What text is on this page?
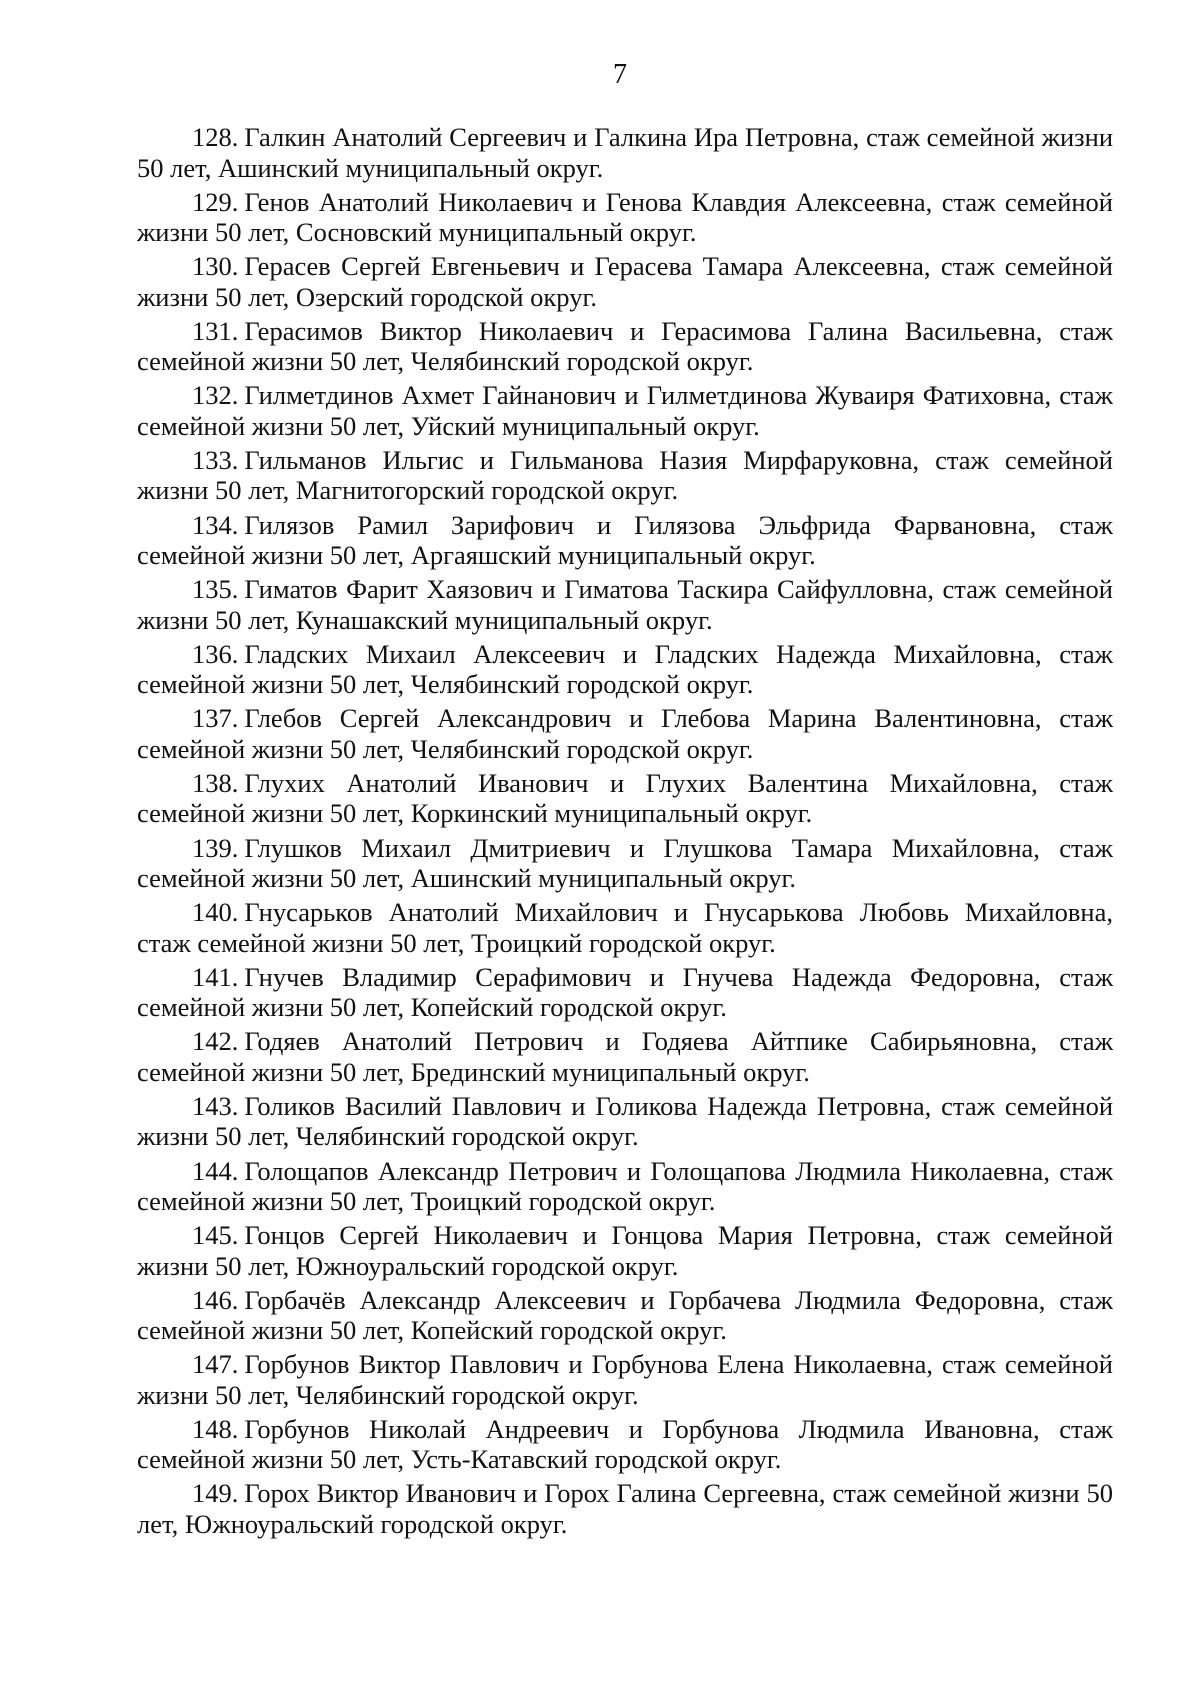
7
128. Галкин Анатолий Сергеевич и Галкина Ира Петровна, стаж семейной жизни 50 лет, Ашинский муниципальный округ.
129. Генов Анатолий Николаевич и Генова Клавдия Алексеевна, стаж семейной жизни 50 лет, Сосновский муниципальный округ.
130. Герасев Сергей Евгеньевич и Герасева Тамара Алексеевна, стаж семейной жизни 50 лет, Озерский городской округ.
131. Герасимов Виктор Николаевич и Герасимова Галина Васильевна, стаж семейной жизни 50 лет, Челябинский городской округ.
132. Гилметдинов Ахмет Гайнанович и Гилметдинова Жуваиря Фатиховна, стаж семейной жизни 50 лет, Уйский муниципальный округ.
133. Гильманов Ильгис и Гильманова Назия Мирфаруковна, стаж семейной жизни 50 лет, Магнитогорский городской округ.
134. Гилязов Рамил Зарифович и Гилязова Эльфрида Фарвановна, стаж семейной жизни 50 лет, Аргаяшский муниципальный округ.
135. Гиматов Фарит Хаязович и Гиматова Таскира Сайфулловна, стаж семейной жизни 50 лет, Кунашакский муниципальный округ.
136. Гладских Михаил Алексеевич и Гладских Надежда Михайловна, стаж семейной жизни 50 лет, Челябинский городской округ.
137. Глебов Сергей Александрович и Глебова Марина Валентиновна, стаж семейной жизни 50 лет, Челябинский городской округ.
138. Глухих Анатолий Иванович и Глухих Валентина Михайловна, стаж семейной жизни 50 лет, Коркинский муниципальный округ.
139. Глушков Михаил Дмитриевич и Глушкова Тамара Михайловна, стаж семейной жизни 50 лет, Ашинский муниципальный округ.
140. Гнусарьков Анатолий Михайлович и Гнусарькова Любовь Михайловна, стаж семейной жизни 50 лет, Троицкий городской округ.
141. Гнучев Владимир Серафимович и Гнучева Надежда Федоровна, стаж семейной жизни 50 лет, Копейский городской округ.
142. Годяев Анатолий Петрович и Годяева Айтпике Сабирьяновна, стаж семейной жизни 50 лет, Брединский муниципальный округ.
143. Голиков Василий Павлович и Голикова Надежда Петровна, стаж семейной жизни 50 лет, Челябинский городской округ.
144. Голощапов Александр Петрович и Голощапова Людмила Николаевна, стаж семейной жизни 50 лет, Троицкий городской округ.
145. Гонцов Сергей Николаевич и Гонцова Мария Петровна, стаж семейной жизни 50 лет, Южноуральский городской округ.
146. Горбачёв Александр Алексеевич и Горбачева Людмила Федоровна, стаж семейной жизни 50 лет, Копейский городской округ.
147. Горбунов Виктор Павлович и Горбунова Елена Николаевна, стаж семейной жизни 50 лет, Челябинский городской округ.
148. Горбунов Николай Андреевич и Горбунова Людмила Ивановна, стаж семейной жизни 50 лет, Усть-Катавский городской округ.
149. Горох Виктор Иванович и Горох Галина Сергеевна, стаж семейной жизни 50 лет, Южноуральский городской округ.
